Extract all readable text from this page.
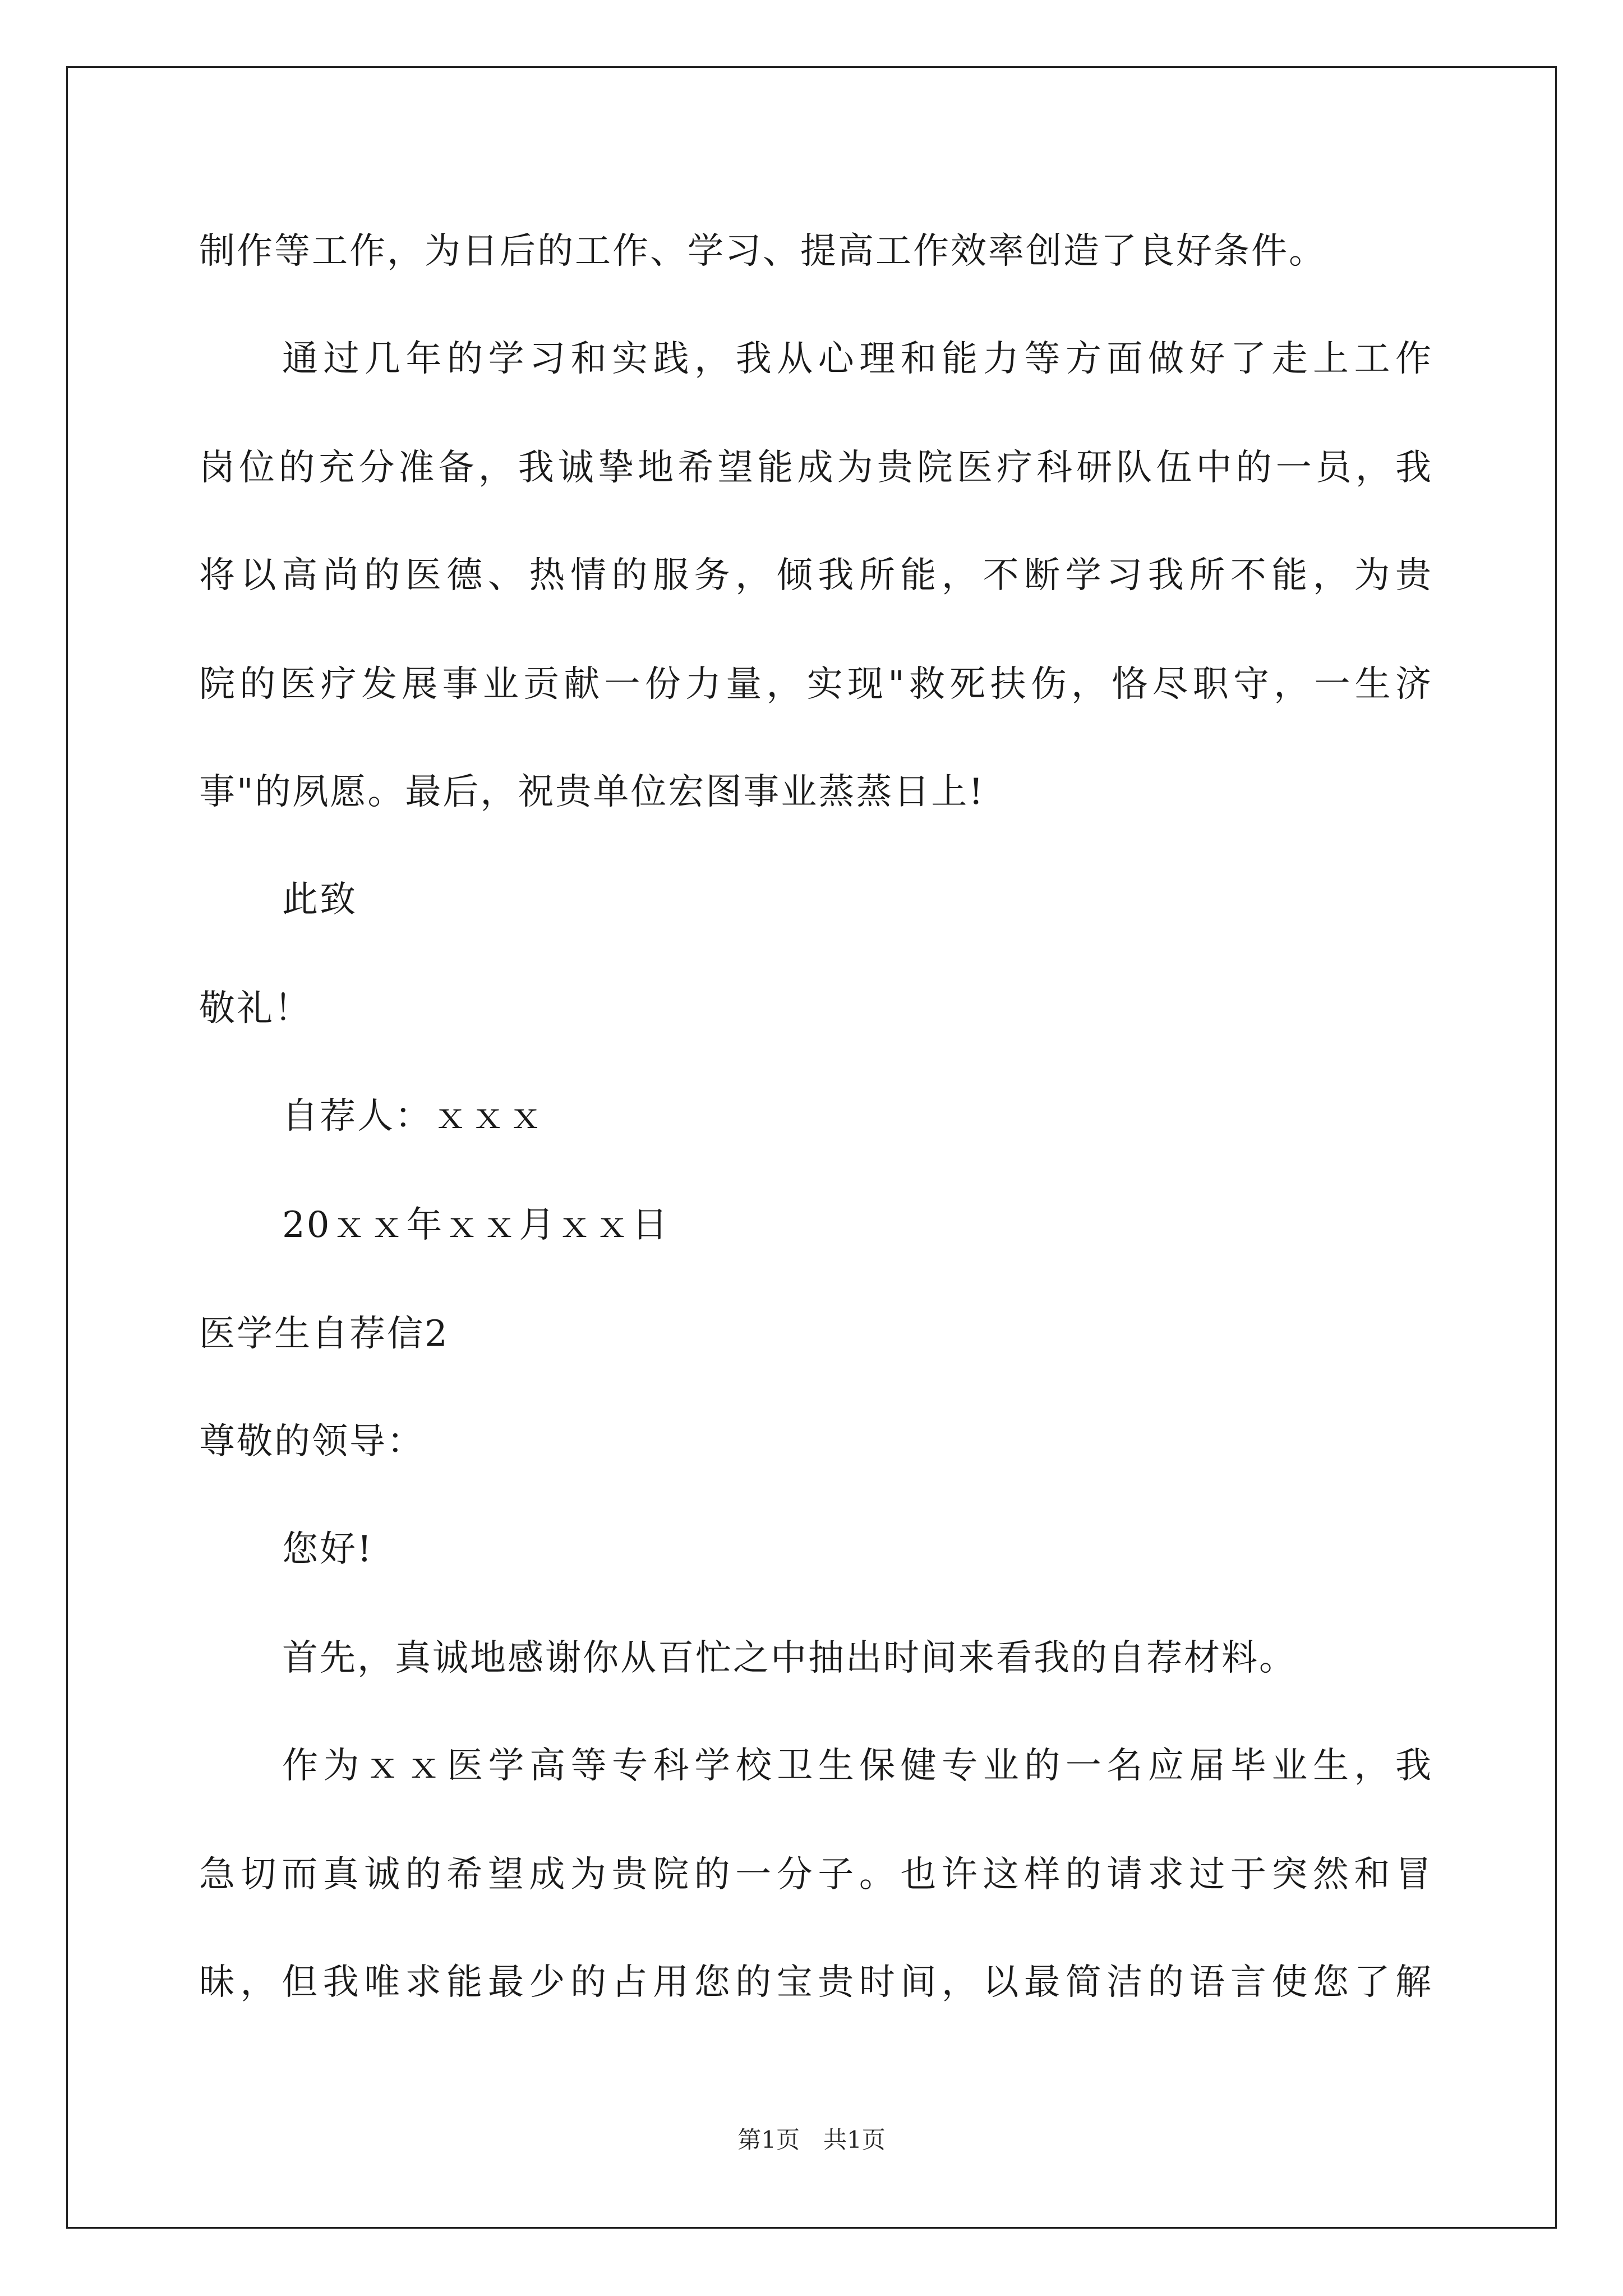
制作等工作，为日后的工作、学习、提高工作效率创造了良好条件。
通过几年的学习和实践，我从心理和能力等方面做好了走上工作
岗位的充分准备，我诚挚地希望能成为贵院医疗科研队伍中的一员，我
将以高尚的医德、热情的服务，倾我所能，不断学习我所不能，为贵
院的医疗发展事业贡献一份力量，实现"救死扶伤，恪尽职守，一生济
事"的夙愿。最后，祝贵单位宏图事业蒸蒸日上!
此致
敬礼！
自荐人：ｘｘｘ
20ｘｘ年ｘｘ月ｘｘ日
医学生自荐信2
尊敬的领导：
您好!
首先，真诚地感谢你从百忙之中抽出时间来看我的自荐材料。
作为ｘｘ医学高等专科学校卫生保健专业的一名应届毕业生，我
急切而真诚的希望成为贵院的一分子。也许这样的请求过于突然和冒
昧，但我唯求能最少的占用您的宝贵时间，以最简洁的语言使您了解
第1页　共1页
